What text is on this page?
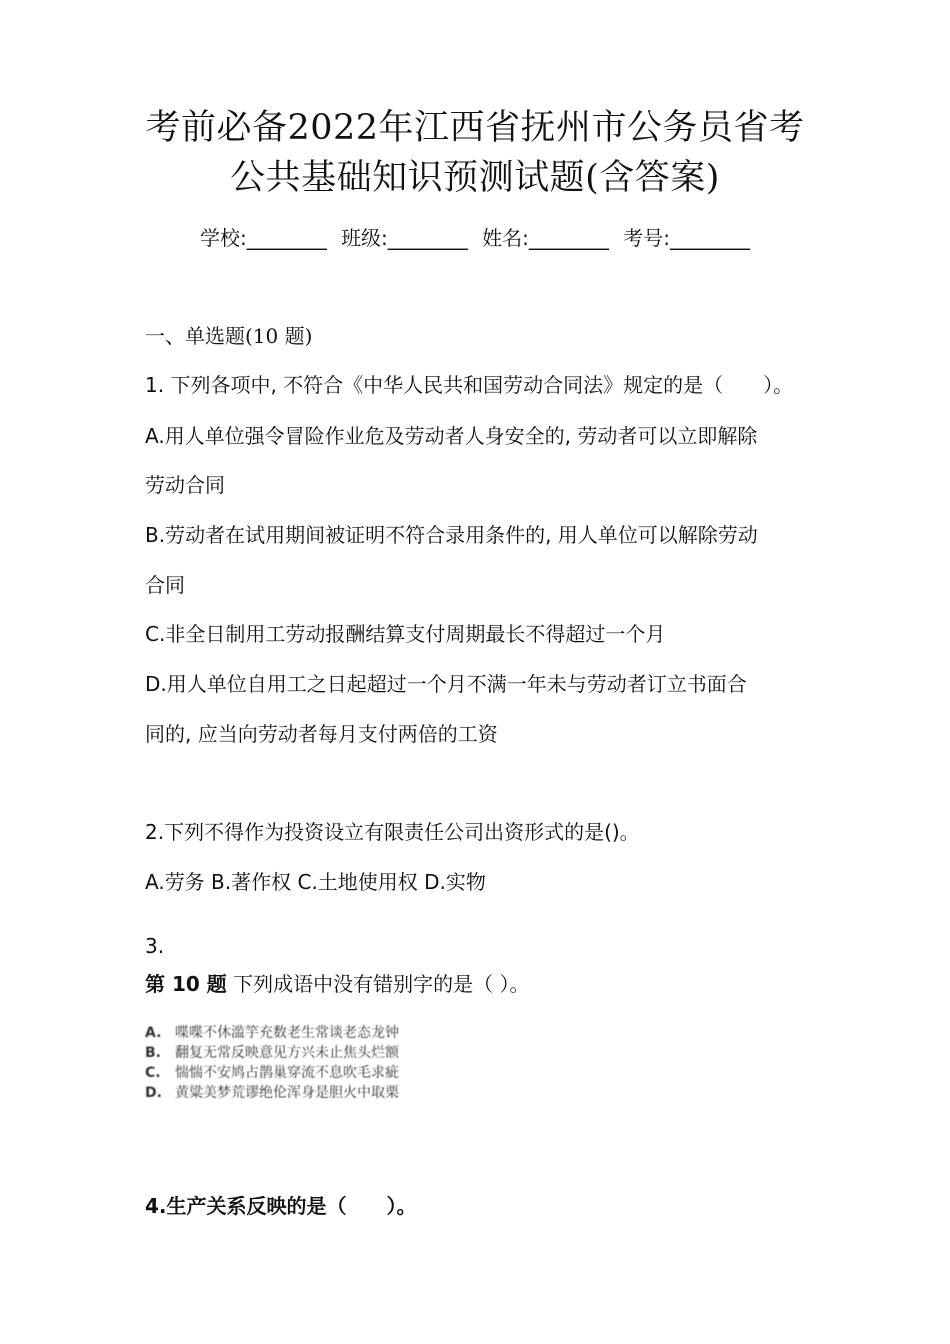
考前必备2022年江西省抚州市公务员省考
公共基础知识预测试题(含答案)
学校:________ 班级:________ 姓名:________ 考号:________
一、单选题(10 题)
1. 下列各项中, 不符合《中华人民共和国劳动合同法》规定的是（　　）。
A.用人单位强令冒险作业危及劳动者人身安全的, 劳动者可以立即解除
劳动合同
B.劳动者在试用期间被证明不符合录用条件的, 用人单位可以解除劳动
合同
C.非全日制用工劳动报酬结算支付周期最长不得超过一个月
D.用人单位自用工之日起超过一个月不满一年未与劳动者订立书面合
同的, 应当向劳动者每月支付两倍的工资
2.下列不得作为投资设立有限责任公司出资形式的是()。
A.劳务 B.著作权 C.土地使用权 D.实物
3.
第 10 题 下列成语中没有错别字的是（ ）。
A. 喋喋不休滥竽充数老生常谈老态龙钟
B. 翻复无常反映意见方兴未止焦头烂额
C. 惴惴不安鸠占鹊巢穿流不息吹毛求疵
D. 黄粱美梦荒谬绝伦浑身是胆火中取栗
4.生产关系反映的是（　　）。
